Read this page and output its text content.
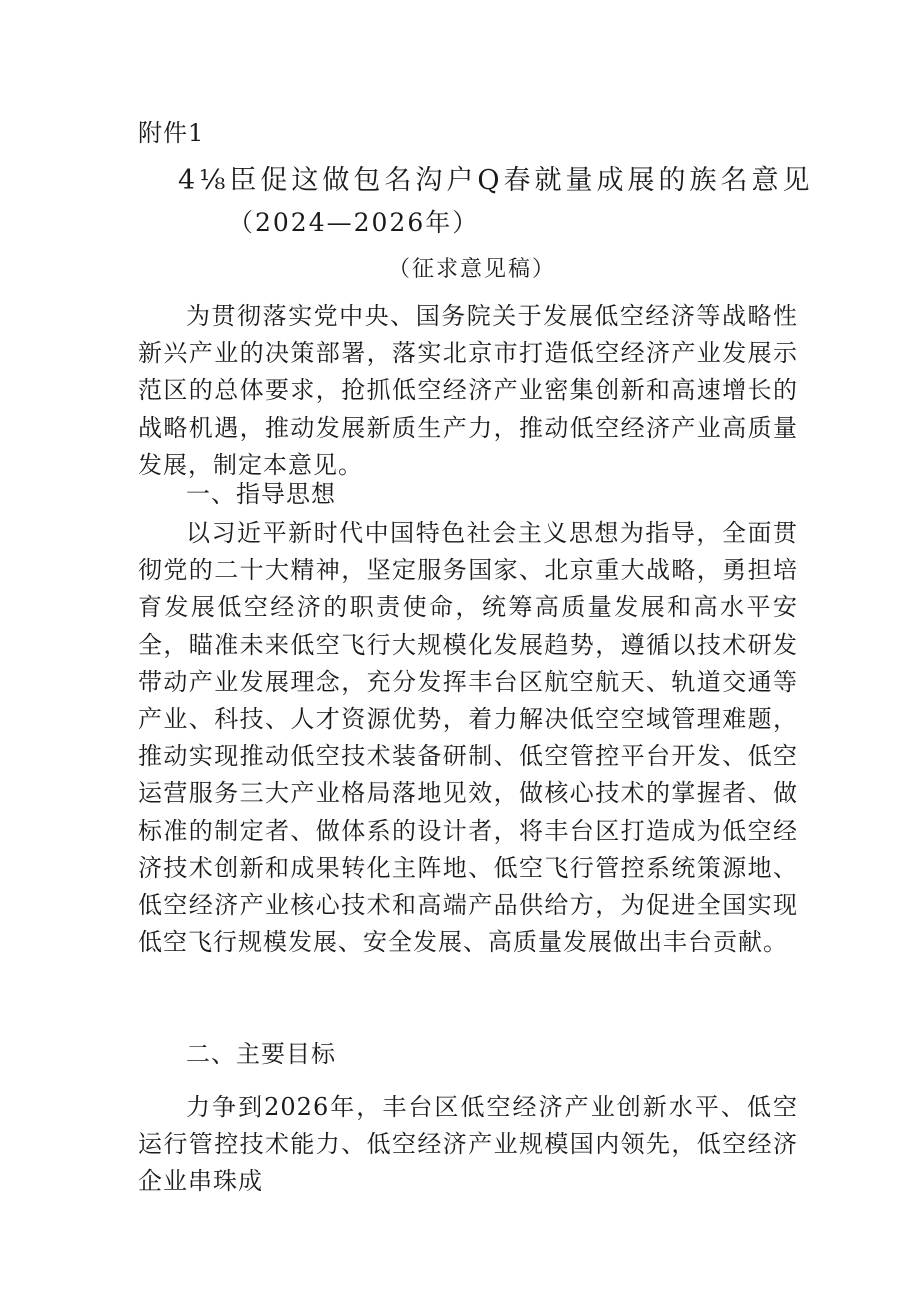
附件1
4⅛臣促这做包名沟户Q春就量成展的族名意见
（2024—2026年）
（征求意见稿）

为贯彻落实党中央、国务院关于发展低空经济等战略性新兴产业的决策部署，落实北京市打造低空经济产业发展示范区的总体要求，抢抓低空经济产业密集创新和高速增长的战略机遇，推动发展新质生产力，推动低空经济产业高质量发展，制定本意见。

一、指导思想

以习近平新时代中国特色社会主义思想为指导，全面贯彻党的二十大精神，坚定服务国家、北京重大战略，勇担培育发展低空经济的职责使命，统筹高质量发展和高水平安全，瞄准未来低空飞行大规模化发展趋势，遵循以技术研发带动产业发展理念，充分发挥丰台区航空航天、轨道交通等产业、科技、人才资源优势，着力解决低空空域管理难题，推动实现推动低空技术装备研制、低空管控平台开发、低空运营服务三大产业格局落地见效，做核心技术的掌握者、做标准的制定者、做体系的设计者，将丰台区打造成为低空经济技术创新和成果转化主阵地、低空飞行管控系统策源地、低空经济产业核心技术和高端产品供给方，为促进全国实现低空飞行规模发展、安全发展、高质量发展做出丰台贡献。

二、主要目标

力争到2026年，丰台区低空经济产业创新水平、低空运行管控技术能力、低空经济产业规模国内领先，低空经济企业串珠成
